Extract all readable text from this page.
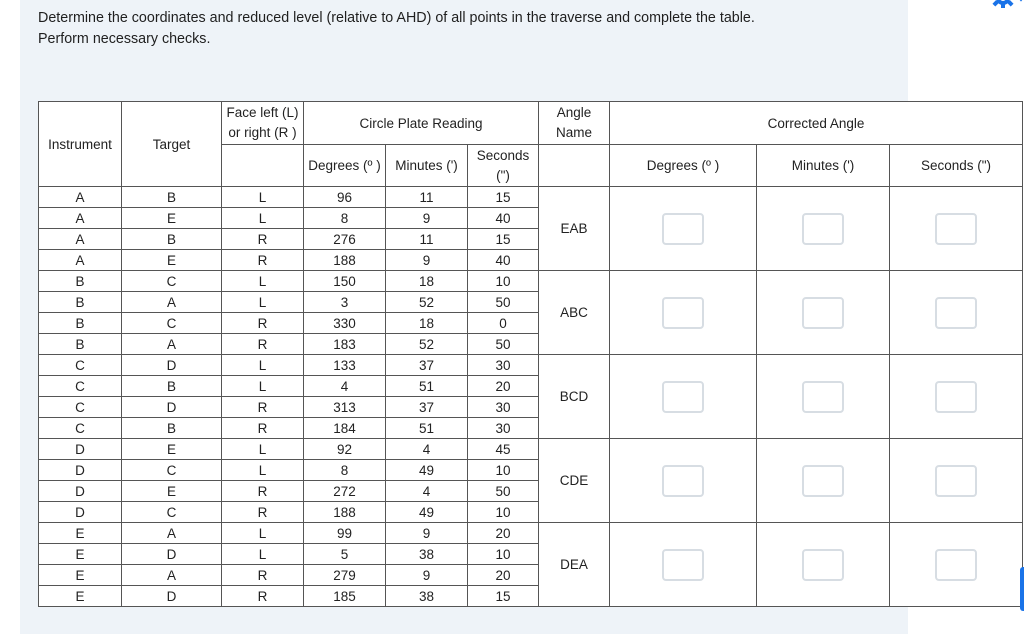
Determine the coordinates and reduced level (relative to AHD) of all points in the traverse and complete the table. Perform necessary checks.
Instrument	Target	Face left (L) or right (R )	Circle Plate Reading			Angle Name	Corrected Angle		
			Degrees (º )	Minutes (')	Seconds (")		Degrees (º )	Minutes (')	Seconds (")
A	B	L	96	11	15	EAB			
A	E	L	8	9	40				
A	B	R	276	11	15				
A	E	R	188	9	40				
B	C	L	150	18	10	ABC			
B	A	L	3	52	50				
B	C	R	330	18	0				
B	A	R	183	52	50				
C	D	L	133	37	30	BCD			
C	B	L	4	51	20				
C	D	R	313	37	30				
C	B	R	184	51	30				
D	E	L	92	4	45	CDE			
D	C	L	8	49	10				
D	E	R	272	4	50				
D	C	R	188	49	10				
E	A	L	99	9	20	DEA			
E	D	L	5	38	10				
E	A	R	279	9	20				
E	D	R	185	38	15				
